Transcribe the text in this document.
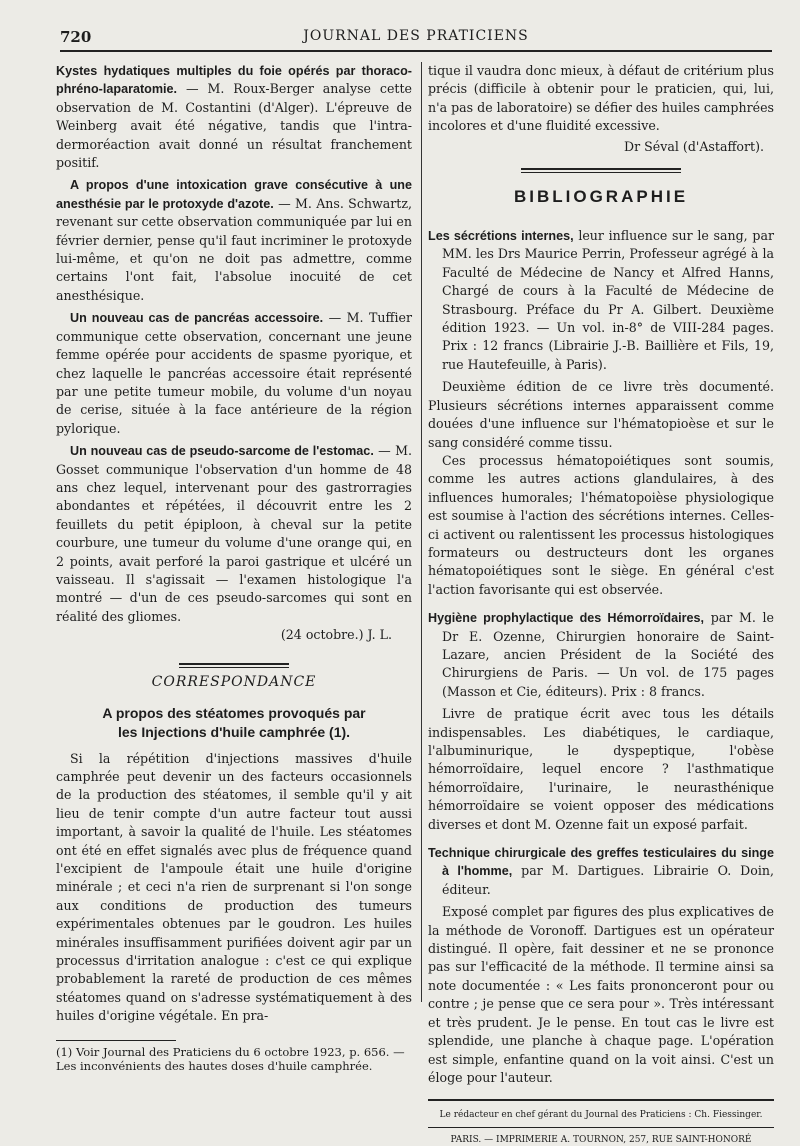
720	JOURNAL DES PRATICIENS

Kystes hydatiques multiples du foie opérés par thoraco-phréno-laparatomie. — M. Roux-Berger analyse cette observation de M. Costantini (d'Alger). L'épreuve de Weinberg avait été négative, tandis que l'intra-dermoréaction avait donné un résultat franchement positif.

A propos d'une intoxication grave consécutive à une anesthésie par le protoxyde d'azote. — M. Ans. Schwartz, revenant sur cette observation communiquée par lui en février dernier, pense qu'il faut incriminer le protoxyde lui-même, et qu'on ne doit pas admettre, comme certains l'ont fait, l'absolue inocuité de cet anesthésique.

Un nouveau cas de pancréas accessoire. — M. Tuffier communique cette observation, concernant une jeune femme opérée pour accidents de spasme pyorique, et chez laquelle le pancréas accessoire était représenté par une petite tumeur mobile, du volume d'un noyau de cerise, située à la face antérieure de la région pylorique.

Un nouveau cas de pseudo-sarcome de l'estomac. — M. Gosset communique l'observation d'un homme de 48 ans chez lequel, intervenant pour des gastrorragies abondantes et répétées, il découvrit entre les 2 feuillets du petit épiploon, à cheval sur la petite courbure, une tumeur du volume d'une orange qui, en 2 points, avait perforé la paroi gastrique et ulcéré un vaisseau. Il s'agissait — l'examen histologique l'a montré — d'un de ces pseudo-sarcomes qui sont en réalité des gliomes.

(24 octobre.) J. L.

CORRESPONDANCE
A propos des stéatomes provoqués par
les Injections d'huile camphrée (1).

Si la répétition d'injections massives d'huile camphrée peut devenir un des facteurs occasionnels de la production des stéatomes, il semble qu'il y ait lieu de tenir compte d'un autre facteur tout aussi important, à savoir la qualité de l'huile. Les stéatomes ont été en effet signalés avec plus de fréquence quand l'excipient de l'ampoule était une huile d'origine minérale ; et ceci n'a rien de surprenant si l'on songe aux conditions de production des tumeurs expérimentales obtenues par le goudron. Les huiles minérales insuffisamment purifiées doivent agir par un processus d'irritation analogue : c'est ce qui explique probablement la rareté de production de ces mêmes stéatomes quand on s'adresse systématiquement à des huiles d'origine végétale. En pra-

(1) Voir Journal des Praticiens du 6 octobre 1923, p. 656. — Les inconvénients des hautes doses d'huile camphrée.

tique il vaudra donc mieux, à défaut de critérium plus précis (difficile à obtenir pour le praticien, qui, lui, n'a pas de laboratoire) se défier des huiles camphrées incolores et d'une fluidité excessive.

Dr Séval (d'Astaffort).

BIBLIOGRAPHIE

Les sécrétions internes, leur influence sur le sang, par MM. les Drs Maurice Perrin, Professeur agrégé à la Faculté de Médecine de Nancy et Alfred Hanns, Chargé de cours à la Faculté de Médecine de Strasbourg. Préface du Pr A. Gilbert. Deuxième édition 1923. — Un vol. in-8° de VIII-284 pages. Prix : 12 francs (Librairie J.-B. Baillière et Fils, 19, rue Hautefeuille, à Paris).

Deuxième édition de ce livre très documenté. Plusieurs sécrétions internes apparaissent comme douées d'une influence sur l'hématopioèse et sur le sang considéré comme tissu.

Ces processus hématopoiétiques sont soumis, comme les autres actions glandulaires, à des influences humorales; l'hématopoièse physiologique est soumise à l'action des sécrétions internes. Celles-ci activent ou ralentissent les processus histologiques formateurs ou destructeurs dont les organes hématopoiétiques sont le siège. En général c'est l'action favorisante qui est observée.

Hygiène prophylactique des Hémorroïdaires, par M. le Dr E. Ozenne, Chirurgien honoraire de Saint-Lazare, ancien Président de la Société des Chirurgiens de Paris. — Un vol. de 175 pages (Masson et Cie, éditeurs). Prix : 8 francs.

Livre de pratique écrit avec tous les détails indispensables. Les diabétiques, le cardiaque, l'albuminurique, le dyspeptique, l'obèse hémorroïdaire, lequel encore ? l'asthmatique hémorroïdaire, l'urinaire, le neurasthénique hémorroïdaire se voient opposer des médications diverses et dont M. Ozenne fait un exposé parfait.

Technique chirurgicale des greffes testiculaires du singe à l'homme, par M. Dartigues. Librairie O. Doin, éditeur.

Exposé complet par figures des plus explicatives de la méthode de Voronoff. Dartigues est un opérateur distingué. Il opère, fait dessiner et ne se prononce pas sur l'efficacité de la méthode. Il termine ainsi sa note documentée : « Les faits prononceront pour ou contre ; je pense que ce sera pour ». Très intéressant et très prudent. Je le pense. En tout cas le livre est splendide, une planche à chaque page. L'opération est simple, enfantine quand on la voit ainsi. C'est un éloge pour l'auteur.

Le rédacteur en chef gérant du Journal des Praticiens : Ch. Fiessinger.

PARIS. — IMPRIMERIE A. TOURNON, 257, RUE SAINT-HONORÉ
